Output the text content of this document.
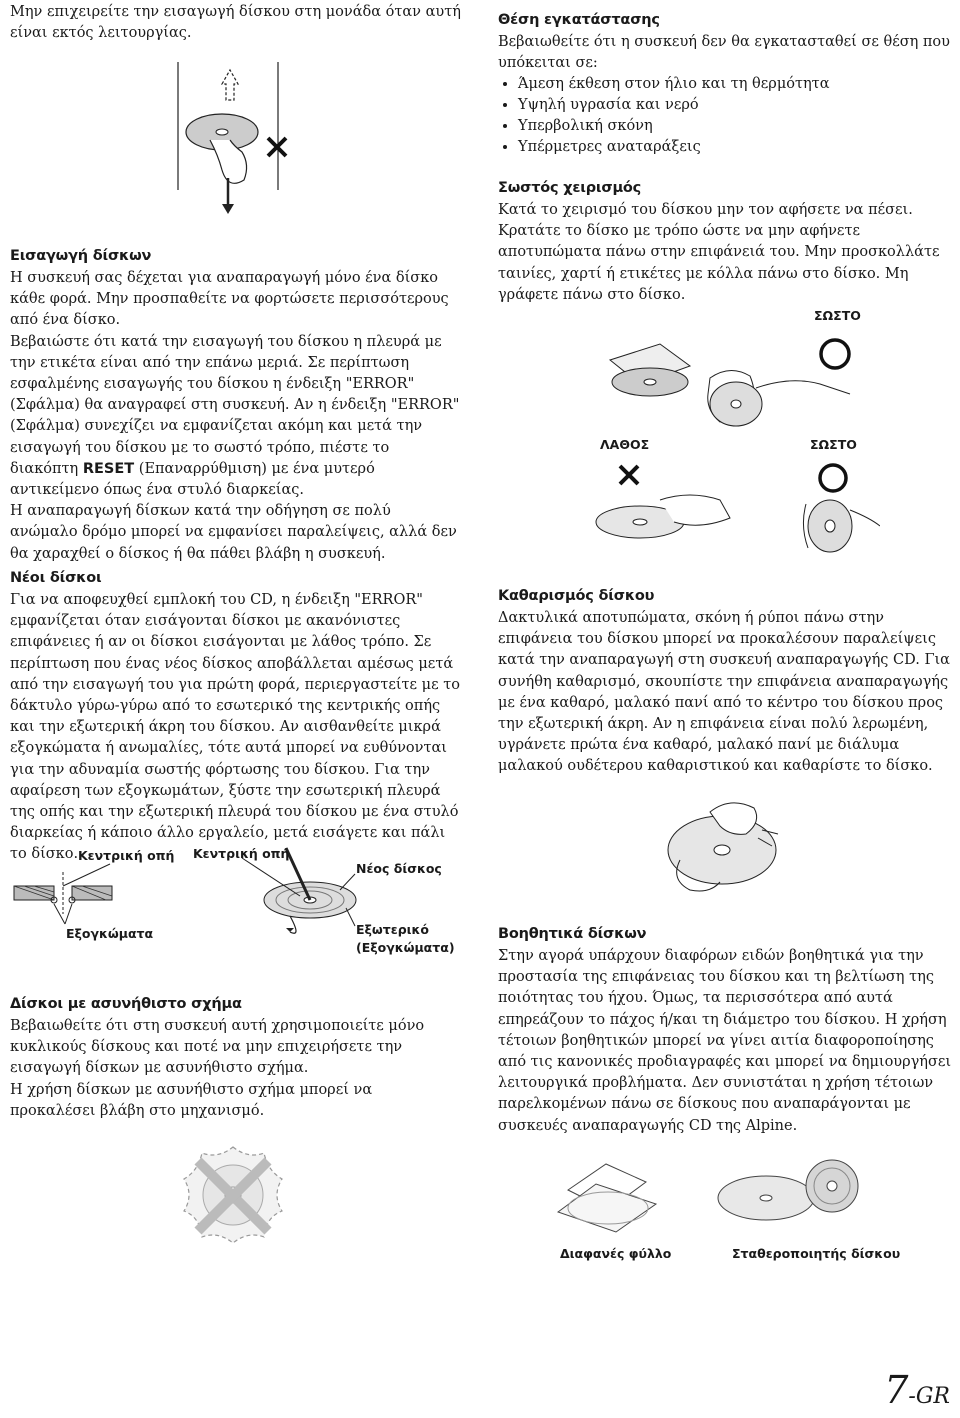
Μην επιχειρείτε την εισαγωγή δίσκου στη μονάδα όταν αυτή είναι εκτός λειτουργίας.

Εισαγωγή δίσκων

Η συσκευή σας δέχεται για αναπαραγωγή μόνο ένα δίσκο κάθε φορά. Μην προσπαθείτε να φορτώσετε περισσότερους από ένα δίσκο.

Βεβαιώστε ότι κατά την εισαγωγή του δίσκου η πλευρά με την ετικέτα είναι από την επάνω μεριά. Σε περίπτωση εσφαλμένης εισαγωγής του δίσκου η ένδειξη "ERROR" (Σφάλμα) θα αναγραφεί στη συσκευή. Αν η ένδειξη "ERROR" (Σφάλμα) συνεχίζει να εμφανίζεται ακόμη και μετά την εισαγωγή του δίσκου με το σωστό τρόπο, πιέστε το διακόπτη RESET (Επαναρρύθμιση) με ένα μυτερό αντικείμενο όπως ένα στυλό διαρκείας.

Η αναπαραγωγή δίσκων κατά την οδήγηση σε πολύ ανώμαλο δρόμο μπορεί να εμφανίσει παραλείψεις, αλλά δεν θα χαραχθεί ο δίσκος ή θα πάθει βλάβη η συσκευή.

Νέοι δίσκοι

Για να αποφευχθεί εμπλοκή του CD, η ένδειξη "ERROR" εμφανίζεται όταν εισάγονται δίσκοι με ακανόνιστες επιφάνειες ή αν οι δίσκοι εισάγονται με λάθος τρόπο. Σε περίπτωση που ένας νέος δίσκος αποβάλλεται αμέσως μετά από την εισαγωγή του για πρώτη φορά, περιεργαστείτε με το δάκτυλο γύρω-γύρω από το εσωτερικό της κεντρικής οπής και την εξωτερική άκρη του δίσκου. Αν αισθανθείτε μικρά εξογκώματα ή ανωμαλίες, τότε αυτά μπορεί να ευθύνονται για την αδυναμία σωστής φόρτωσης του δίσκου. Για την αφαίρεση των εξογκωμάτων, ξύστε την εσωτερική πλευρά της οπής και την εξωτερική πλευρά του δίσκου με ένα στυλό διαρκείας ή κάποιο άλλο εργαλείο, μετά εισάγετε και πάλι το δίσκο. Κεντρική οπή Κεντρική οπή
Νέος δίσκος
Εξογκώματα	Εξωτερικό
(Εξογκώματα)
Δίσκοι με ασυνήθιστο σχήμα

Βεβαιωθείτε ότι στη συσκευή αυτή χρησιμοποιείτε μόνο κυκλικούς δίσκους και ποτέ να μην επιχειρήσετε την εισαγωγή δίσκων με ασυνήθιστο σχήμα.

Η χρήση δίσκων με ασυνήθιστο σχήμα μπορεί να προκαλέσει βλάβη στο μηχανισμό.

Θέση εγκατάστασης

Βεβαιωθείτε ότι η συσκευή δεν θα εγκατασταθεί σε θέση που υπόκειται σε:

• Άμεση έκθεση στον ήλιο και τη θερμότητα
• Υψηλή υγρασία και νερό
• Υπερβολική σκόνη
• Υπέρμετρες αναταράξεις
Σωστός χειρισμός

Κατά το χειρισμό του δίσκου μην τον αφήσετε να πέσει. Κρατάτε το δίσκο με τρόπο ώστε να μην αφήνετε αποτυπώματα πάνω στην επιφάνειά του. Μην προσκολλάτε ταινίες, χαρτί ή ετικέτες με κόλλα πάνω στο δίσκο. Μη γράφετε πάνω στο δίσκο.

ΣΩΣΤΟ
ΛΑΘΟΣ	ΣΩΣΤΟ
Καθαρισμός δίσκου

Δακτυλικά αποτυπώματα, σκόνη ή ρύποι πάνω στην επιφάνεια του δίσκου μπορεί να προκαλέσουν παραλείψεις κατά την αναπαραγωγή στη συσκευή αναπαραγωγής CD. Για συνήθη καθαρισμό, σκουπίστε την επιφάνεια αναπαραγωγής με ένα καθαρό, μαλακό πανί από το κέντρο του δίσκου προς την εξωτερική άκρη. Αν η επιφάνεια είναι πολύ λερωμένη, υγράνετε πρώτα ένα καθαρό, μαλακό πανί με διάλυμα μαλακού ουδέτερου καθαριστικού και καθαρίστε το δίσκο.

Βοηθητικά δίσκων

Στην αγορά υπάρχουν διαφόρων ειδών βοηθητικά για την προστασία της επιφάνειας του δίσκου και τη βελτίωση της ποιότητας του ήχου. Όμως, τα περισσότερα από αυτά επηρεάζουν το πάχος ή/και τη διάμετρο του δίσκου. Η χρήση τέτοιων βοηθητικών μπορεί να γίνει αιτία διαφοροποίησης από τις κανονικές προδιαγραφές και μπορεί να δημιουργήσει λειτουργικά προβλήματα. Δεν συνιστάται η χρήση τέτοιων παρελκομένων πάνω σε δίσκους που αναπαράγονται με συσκευές αναπαραγωγής CD της Alpine.

Διαφανές φύλλο	Σταθεροποιητής δίσκου
7-GR
